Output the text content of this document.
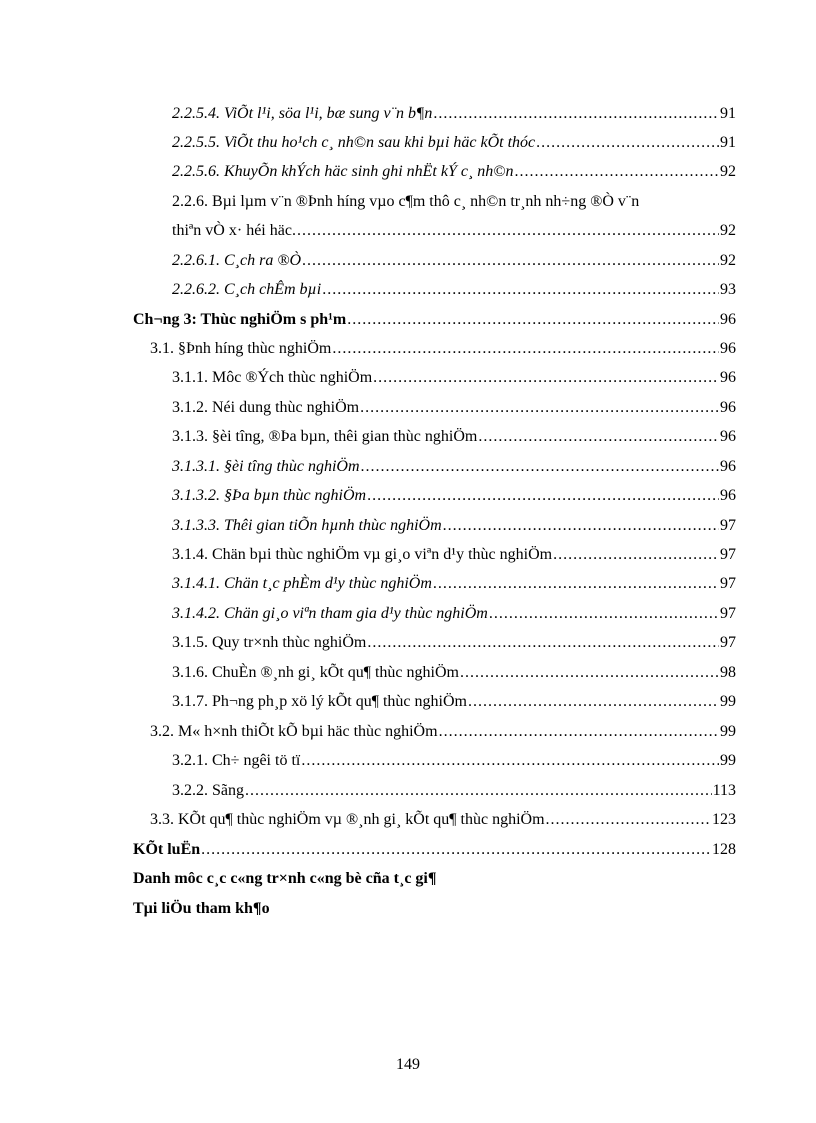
2.2.5.4. ViÕt l¹i, söa l¹i, bæ sung v¨n b¶n .....	91
2.2.5.5. ViÕt thu ho¹ch c¸ nh©n sau khi bµi häc kÕt thóc .....	91
2.2.5.6. KhuyÕn khÝch häc sinh ghi nhËt kÝ c¸ nh©n .....	92
2.2.6. Bµi lµm v¨n ®Þnh híng vµo c¶m thô c¸ nh©n tr¸nh nh÷ng ®Ò v¨n
thiªn vÒ x· héi häc. .....	92
2.2.6.1. C¸ch ra ®Ò .....	92
2.2.6.2. C¸ch chÊm bµi .....	93
Ch¬ng 3: Thùc nghiÖm s ph¹m .....	96
3.1. §Þnh híng thùc nghiÖm .....	96
3.1.1. Môc ®Ých thùc nghiÖm .....	96
3.1.2. Néi dung thùc nghiÖm .....	96
3.1.3. §èi tîng, ®Þa bµn, thêi gian thùc nghiÖm .....	96
3.1.3.1. §èi tîng thùc nghiÖm .....	96
3.1.3.2. §Þa bµn thùc nghiÖm .....	96
3.1.3.3. Thêi gian tiÕn hµnh thùc nghiÖm .....	97
3.1.4. Chän bµi thùc nghiÖm vµ gi¸o viªn d¹y thùc nghiÖm .....	97
3.1.4.1. Chän t¸c phÈm d¹y thùc nghiÖm .....	97
3.1.4.2. Chän gi¸o viªn tham gia d¹y thùc nghiÖm .....	97
3.1.5. Quy tr×nh thùc nghiÖm .....	97
3.1.6. ChuÈn ®¸nh gi¸ kÕt qu¶ thùc nghiÖm .....	98
3.1.7. Ph¬ng ph¸p xö lý kÕt qu¶ thùc nghiÖm .....	99
3.2. M« h×nh thiÕt kÕ bµi häc thùc nghiÖm .....	99
3.2.1. Ch÷ ngêi tö tï .....	99
3.2.2. Sãng .....	113
3.3. KÕt qu¶ thùc nghiÖm vµ ®¸nh gi¸ kÕt qu¶ thùc nghiÖm .....	123
KÕt luËn .....	128
Danh môc c¸c c«ng tr×nh c«ng bè cña t¸c gi¶
Tµi liÖu tham kh¶o
149
